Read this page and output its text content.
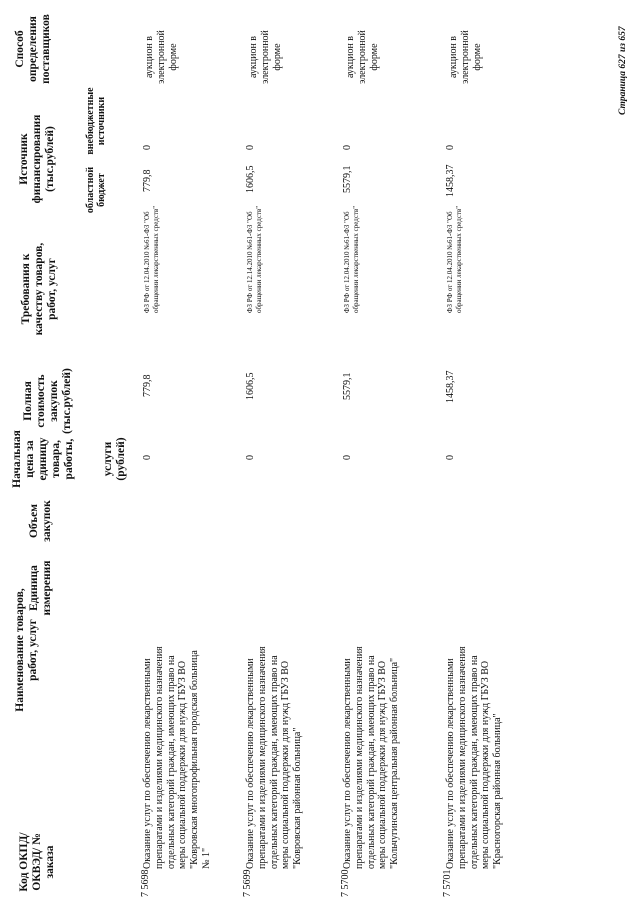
Код ОКПД/ ОКВЭД/ № заказа
Наименование товаров, работ, услуг
Единица измерения
Объем закупок
Начальная цена за единицу товара, работы, услуги (рублей)
Полная стоимость закупок (тыс.рублей)
Требования к качеству товаров, работ, услуг
Источник финансирования (тыс.рублей)	областной бюджет
внебюджетные источники
Способ определения поставщиков
7 5698
Оказание услуг по обеспечению лекарственными препаратами и изделиями медицинского назначения отдельных категорий граждан, имеющих право на меры социальной поддержки для нужд ГБУЗ ВО "Ковровская многопрофильная городская больница № 1"
0
779,8
ФЗ РФ от 12.04.2010 №61-ФЗ "Об обращении лекарственных средств"
779,8
0
аукцион в электронной форме
7 5699
Оказание услуг по обеспечению лекарственными препаратами и изделиями медицинского назначения отдельных категорий граждан, имеющих право на меры социальной поддержки для нужд ГБУЗ ВО "Ковровская районная больница"
0
1606,5
ФЗ РФ от 12.14.2010 №61-ФЗ "Об обращении лекарственных средств"
1606,5
0
аукцион в электронной форме
7 5700
Оказание услуг по обеспечению лекарственными препаратами и изделиями медицинского назначения отдельных категорий граждан, имеющих право на меры социальной поддержки для нужд ГБУЗ ВО "Кольчугинская центральная районная больница"
0
5579,1
ФЗ РФ от 12.04.2010 №61-ФЗ "Об обращении лекарственных средств"
5579,1
0
аукцион в электронной форме
7 5701
Оказание услуг по обеспечению лекарственными препаратами и изделиями медицинского назначения отдельных категорий граждан, имеющих право на меры социальной поддержки для нужд ГБУЗ ВО "Красногорская районная больница"
0
1458,37
ФЗ РФ от 12.04.2010 №61-ФЗ "Об обращении лекарственных средств"
1458,37
0
аукцион в электронной форме	Страница 627 из 657
